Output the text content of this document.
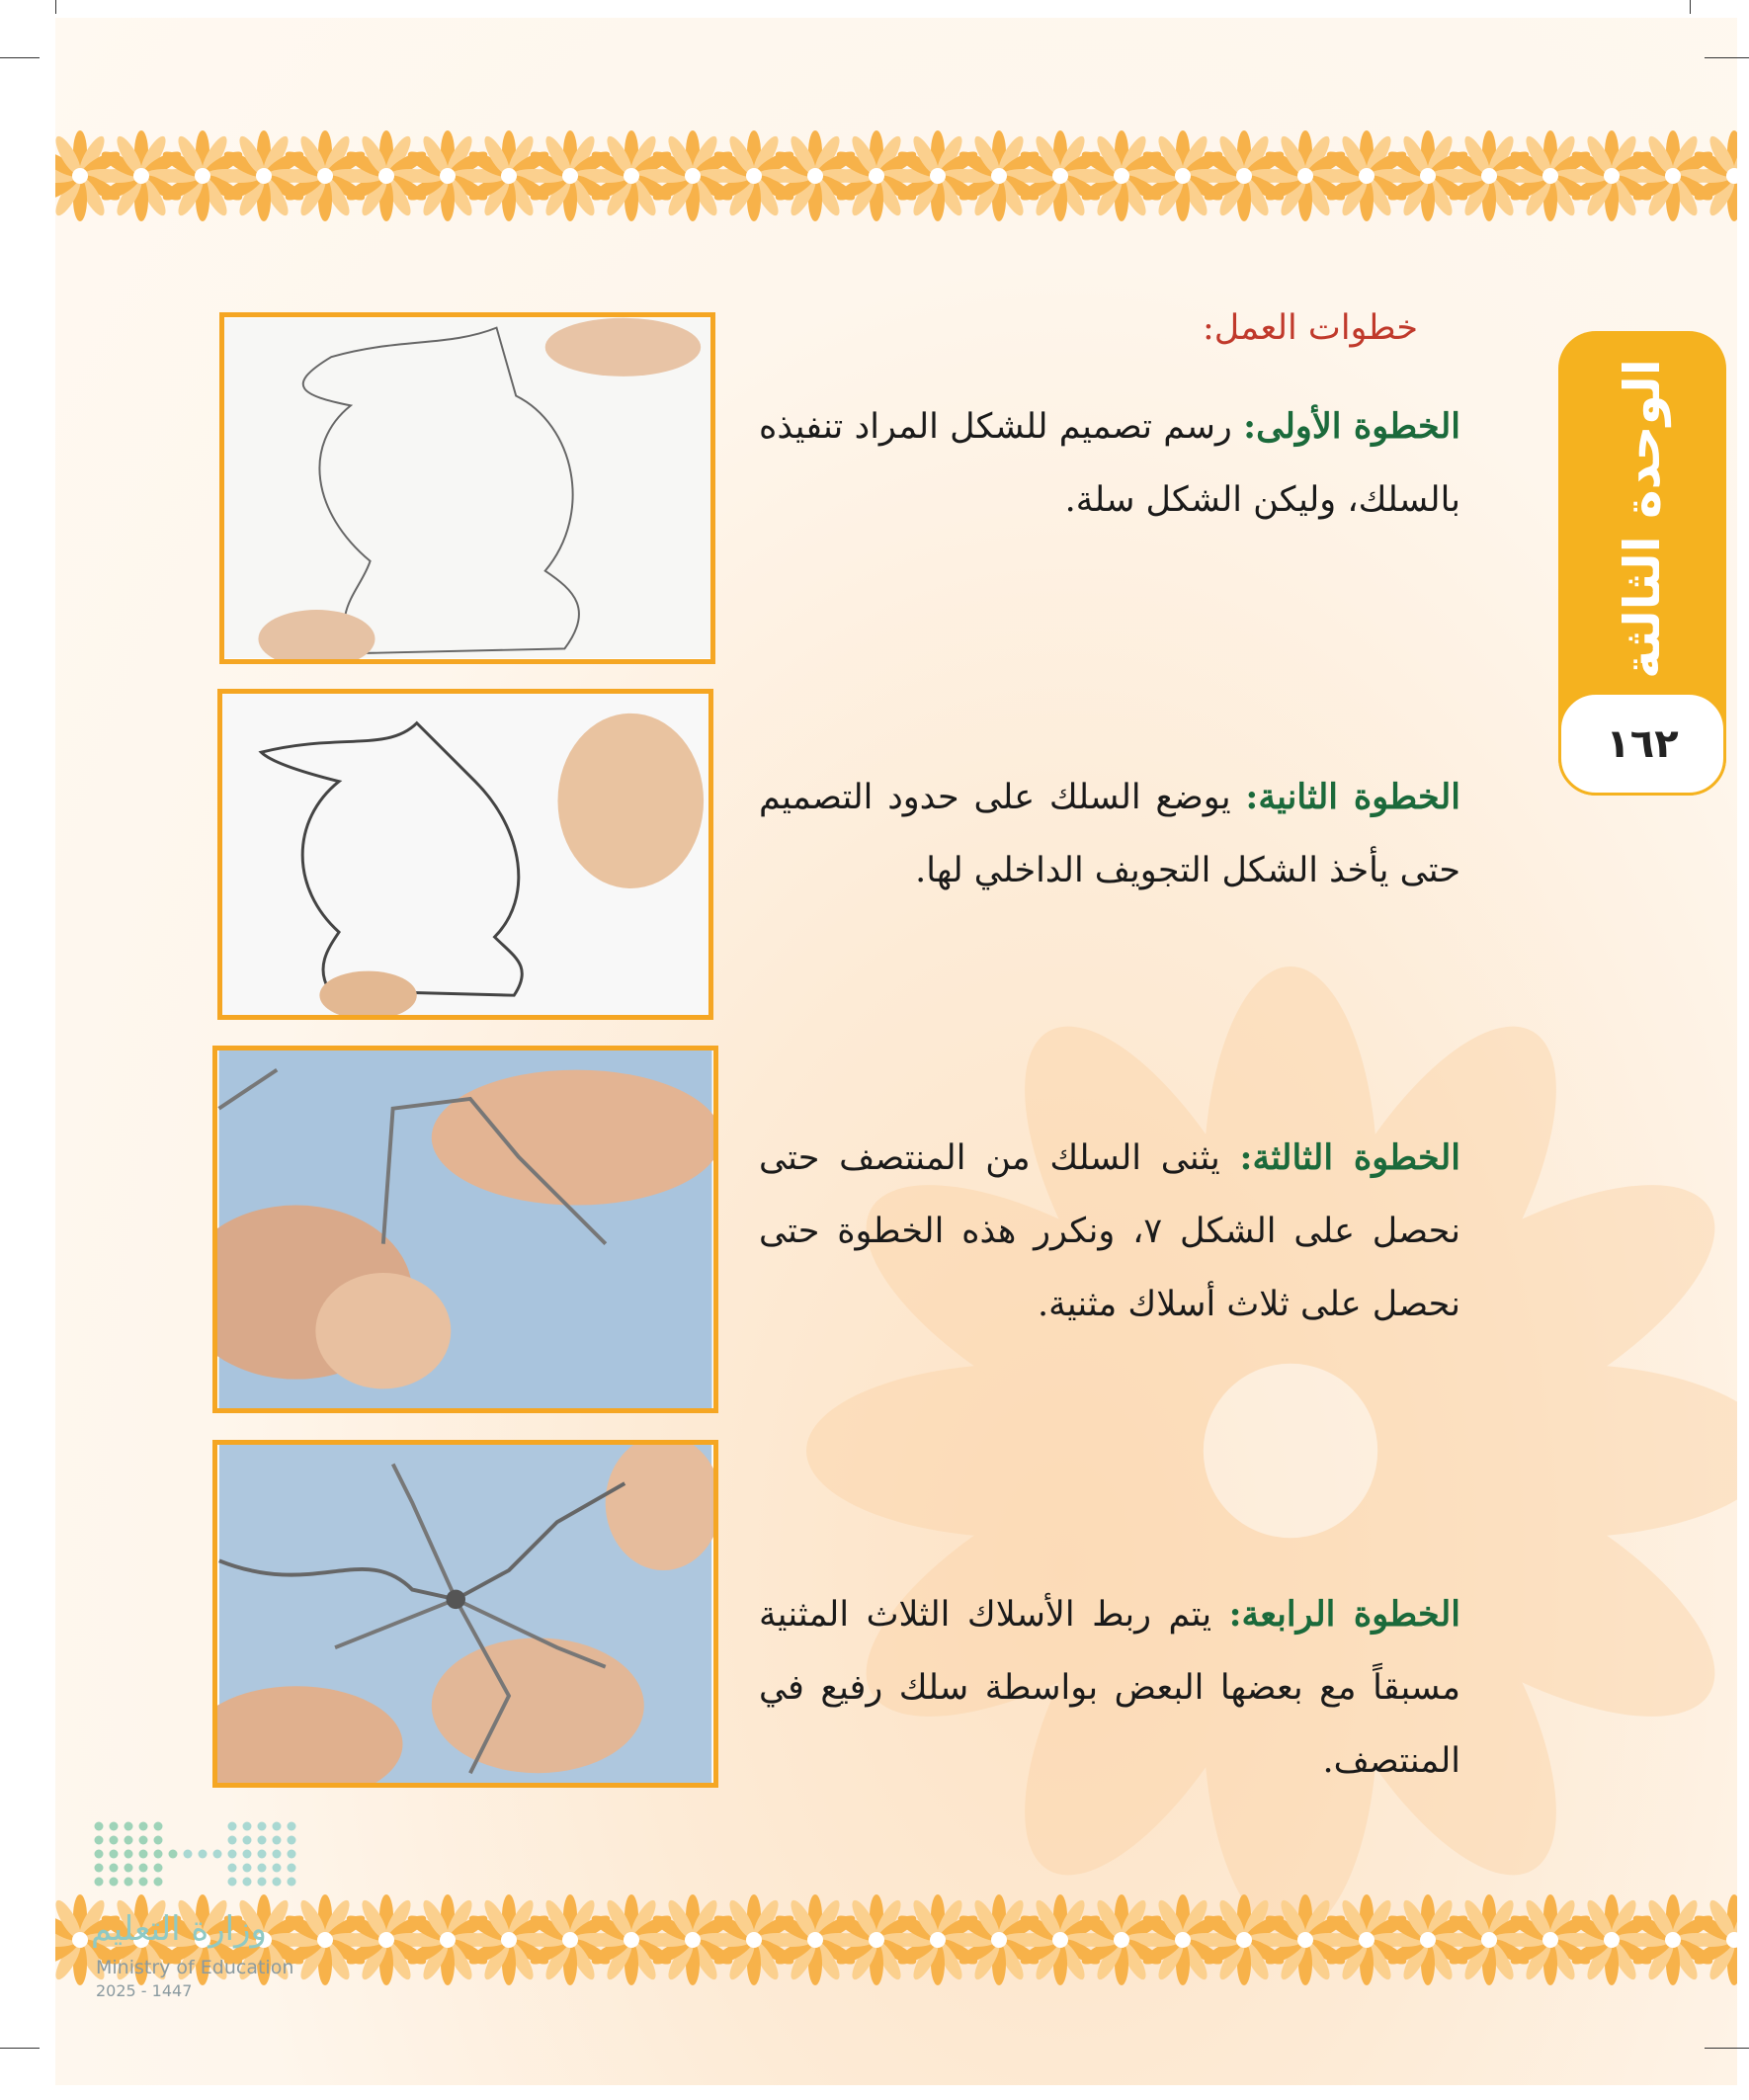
خطوات العمل:
الخطوة الأولى: رسم تصميم للشكل المراد تنفيذه بالسلك، وليكن الشكل سلة.
الخطوة الثانية: يوضع السلك على حدود التصميم حتى يأخذ الشكل التجويف الداخلي لها.
الخطوة الثالثة: يثنى السلك من المنتصف حتى نحصل على الشكل ٧، ونكرر هذه الخطوة حتى نحصل على ثلاث أسلاك مثنية.
الخطوة الرابعة: يتم ربط الأسلاك الثلاث المثنية مسبقاً مع بعضها البعض بواسطة سلك رفيع في المنتصف.
الوحدة الثالثة
١٦٢
وزارة التعليم
Ministry of Education
2025 - 1447
